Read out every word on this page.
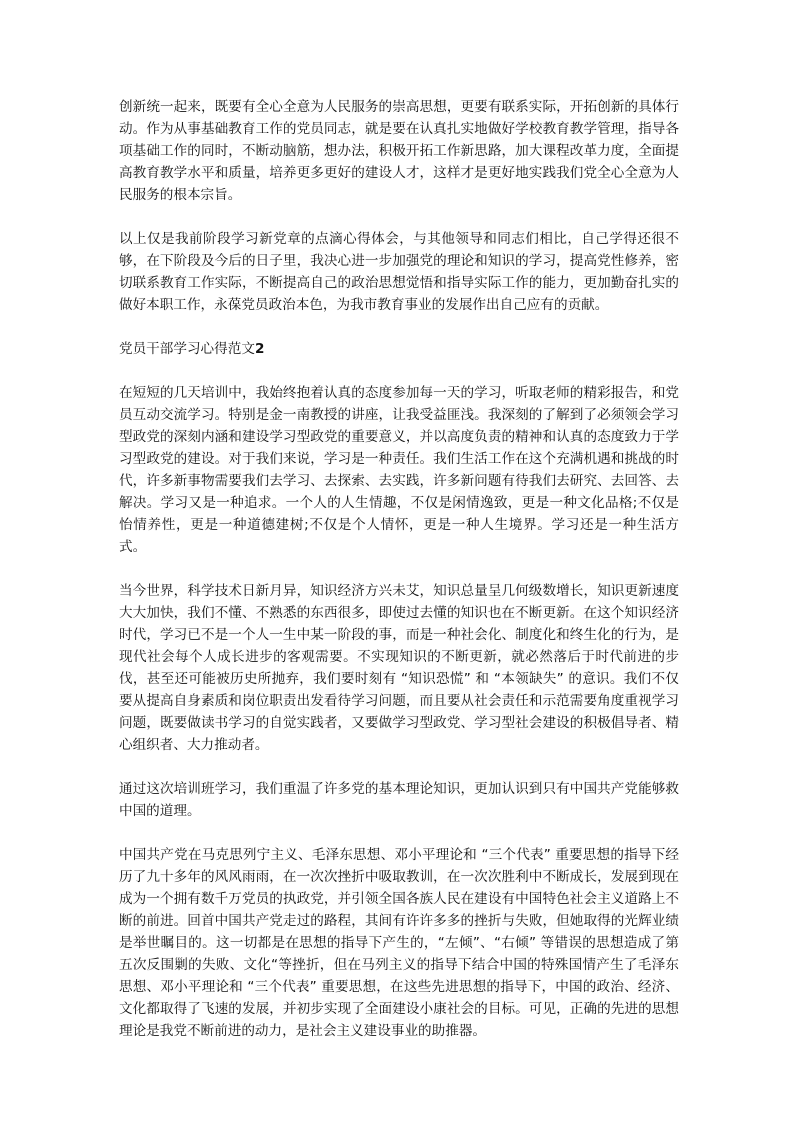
创新统一起来，既要有全心全意为人民服务的崇高思想，更要有联系实际，开拓创新的具体行动。作为从事基础教育工作的党员同志，就是要在认真扎实地做好学校教育教学管理，指导各项基础工作的同时，不断动脑筋，想办法，积极开拓工作新思路，加大课程改革力度，全面提高教育教学水平和质量，培养更多更好的建设人才，这样才是更好地实践我们党全心全意为人民服务的根本宗旨。

以上仅是我前阶段学习新党章的点滴心得体会，与其他领导和同志们相比，自己学得还很不够，在下阶段及今后的日子里，我决心进一步加强党的理论和知识的学习，提高党性修养，密切联系教育工作实际，不断提高自己的政治思想觉悟和指导实际工作的能力，更加勤奋扎实的做好本职工作，永葆党员政治本色，为我市教育事业的发展作出自己应有的贡献。

党员干部学习心得范文2

在短短的几天培训中，我始终抱着认真的态度参加每一天的学习，听取老师的精彩报告，和党员互动交流学习。特别是金一南教授的讲座，让我受益匪浅。我深刻的了解到了必须领会学习型政党的深刻内涵和建设学习型政党的重要意义，并以高度负责的精神和认真的态度致力于学习型政党的建设。对于我们来说，学习是一种责任。我们生活工作在这个充满机遇和挑战的时代，许多新事物需要我们去学习、去探索、去实践，许多新问题有待我们去研究、去回答、去解决。学习又是一种追求。一个人的人生情趣，不仅是闲情逸致，更是一种文化品格;不仅是怡情养性，更是一种道德建树;不仅是个人情怀，更是一种人生境界。学习还是一种生活方式。

当今世界，科学技术日新月异，知识经济方兴未艾，知识总量呈几何级数增长，知识更新速度大大加快，我们不懂、不熟悉的东西很多，即使过去懂的知识也在不断更新。在这个知识经济时代，学习已不是一个人一生中某一阶段的事，而是一种社会化、制度化和终生化的行为，是现代社会每个人成长进步的客观需要。不实现知识的不断更新，就必然落后于时代前进的步伐，甚至还可能被历史所抛弃，我们要时刻有 “知识恐慌” 和 “本领缺失” 的意识。我们不仅要从提高自身素质和岗位职责出发看待学习问题，而且要从社会责任和示范需要角度重视学习问题，既要做读书学习的自觉实践者，又要做学习型政党、学习型社会建设的积极倡导者、精心组织者、大力推动者。

通过这次培训班学习，我们重温了许多党的基本理论知识，更加认识到只有中国共产党能够救中国的道理。

中国共产党在马克思列宁主义、毛泽东思想、邓小平理论和 “三个代表” 重要思想的指导下经历了九十多年的风风雨雨，在一次次挫折中吸取教训，在一次次胜利中不断成长，发展到现在成为一个拥有数千万党员的执政党，并引领全国各族人民在建设有中国特色社会主义道路上不断的前进。回首中国共产党走过的路程，其间有许许多多的挫折与失败，但她取得的光辉业绩是举世瞩目的。这一切都是在思想的指导下产生的，“左倾”、“右倾” 等错误的思想造成了第五次反围剿的失败、文化“等挫折，但在马列主义的指导下结合中国的特殊国情产生了毛泽东思想、邓小平理论和 “三个代表” 重要思想，在这些先进思想的指导下，中国的政治、经济、文化都取得了飞速的发展，并初步实现了全面建设小康社会的目标。可见，正确的先进的思想理论是我党不断前进的动力，是社会主义建设事业的助推器。
